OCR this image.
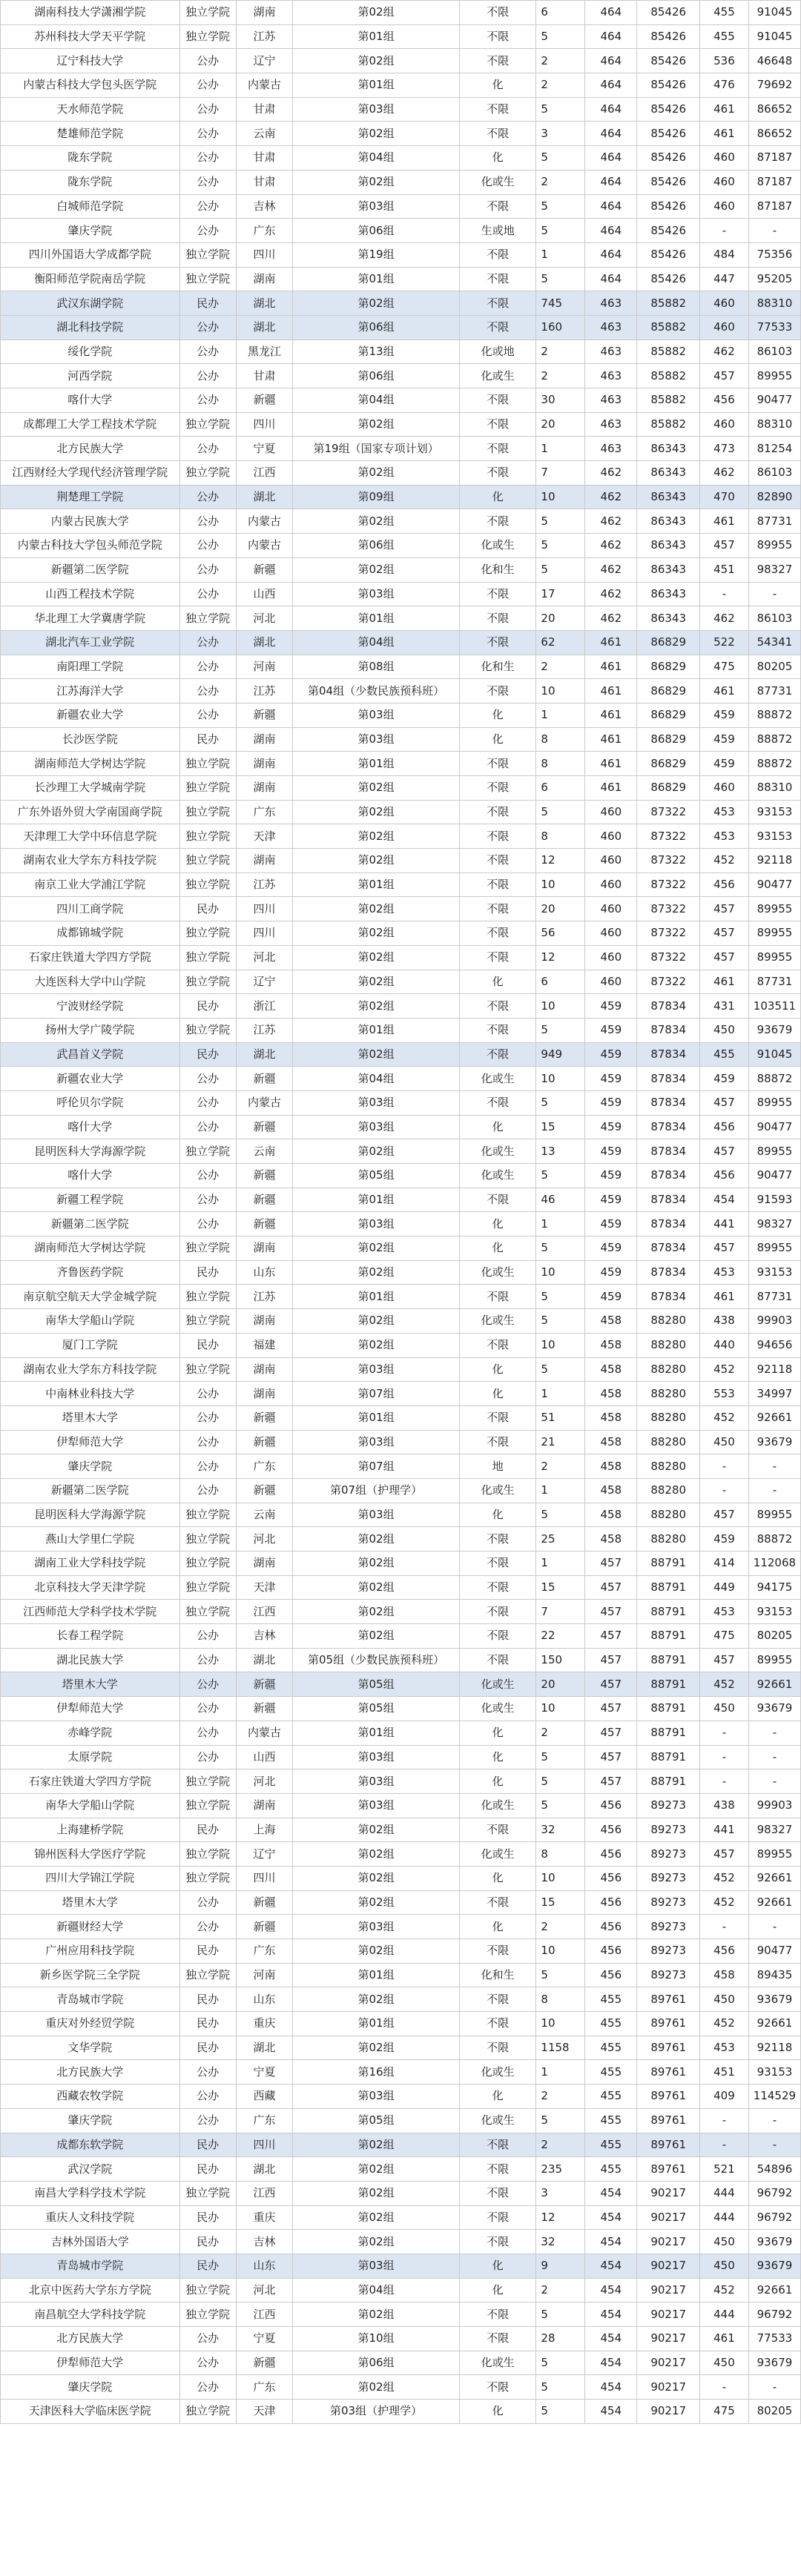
湖南科技大学潇湘学院	独立学院	湖南	第02组	不限	6	464	85426	455	91045
苏州科技大学天平学院	独立学院	江苏	第01组	不限	5	464	85426	455	91045
辽宁科技大学	公办	辽宁	第02组	不限	2	464	85426	536	46648
内蒙古科技大学包头医学院	公办	内蒙古	第01组	化	2	464	85426	476	79692
天水师范学院	公办	甘肃	第03组	不限	5	464	85426	461	86652
楚雄师范学院	公办	云南	第02组	不限	3	464	85426	461	86652
陇东学院	公办	甘肃	第04组	化	5	464	85426	460	87187
陇东学院	公办	甘肃	第02组	化或生	2	464	85426	460	87187
白城师范学院	公办	吉林	第03组	不限	5	464	85426	460	87187
肇庆学院	公办	广东	第06组	生或地	5	464	85426	-	-
四川外国语大学成都学院	独立学院	四川	第19组	不限	1	464	85426	484	75356
衡阳师范学院南岳学院	独立学院	湖南	第01组	不限	5	464	85426	447	95205
武汉东湖学院	民办	湖北	第02组	不限	745	463	85882	460	88310
湖北科技学院	公办	湖北	第06组	不限	160	463	85882	460	77533
绥化学院	公办	黑龙江	第13组	化或地	2	463	85882	462	86103
河西学院	公办	甘肃	第06组	化或生	2	463	85882	457	89955
喀什大学	公办	新疆	第04组	不限	30	463	85882	456	90477
成都理工大学工程技术学院	独立学院	四川	第02组	不限	20	463	85882	460	88310
北方民族大学	公办	宁夏	第19组（国家专项计划）	不限	1	463	86343	473	81254
江西财经大学现代经济管理学院	独立学院	江西	第02组	不限	7	462	86343	462	86103
荆楚理工学院	公办	湖北	第09组	化	10	462	86343	470	82890
内蒙古民族大学	公办	内蒙古	第02组	不限	5	462	86343	461	87731
内蒙古科技大学包头师范学院	公办	内蒙古	第06组	化或生	5	462	86343	457	89955
新疆第二医学院	公办	新疆	第02组	化和生	5	462	86343	451	98327
山西工程技术学院	公办	山西	第03组	不限	17	462	86343	-	-
华北理工大学冀唐学院	独立学院	河北	第01组	不限	20	462	86343	462	86103
湖北汽车工业学院	公办	湖北	第04组	不限	62	461	86829	522	54341
南阳理工学院	公办	河南	第08组	化和生	2	461	86829	475	80205
江苏海洋大学	公办	江苏	第04组（少数民族预科班）	不限	10	461	86829	461	87731
新疆农业大学	公办	新疆	第03组	化	1	461	86829	459	88872
长沙医学院	民办	湖南	第03组	化	8	461	86829	459	88872
湖南师范大学树达学院	独立学院	湖南	第01组	不限	8	461	86829	459	88872
长沙理工大学城南学院	独立学院	湖南	第02组	不限	6	461	86829	460	88310
广东外语外贸大学南国商学院	独立学院	广东	第02组	不限	5	460	87322	453	93153
天津理工大学中环信息学院	独立学院	天津	第02组	不限	8	460	87322	453	93153
湖南农业大学东方科技学院	独立学院	湖南	第02组	不限	12	460	87322	452	92118
南京工业大学浦江学院	独立学院	江苏	第01组	不限	10	460	87322	456	90477
四川工商学院	民办	四川	第02组	不限	20	460	87322	457	89955
成都锦城学院	独立学院	四川	第02组	不限	56	460	87322	457	89955
石家庄铁道大学四方学院	独立学院	河北	第02组	不限	12	460	87322	457	89955
大连医科大学中山学院	独立学院	辽宁	第02组	化	6	460	87322	461	87731
宁波财经学院	民办	浙江	第02组	不限	10	459	87834	431	103511
扬州大学广陵学院	独立学院	江苏	第01组	不限	5	459	87834	450	93679
武昌首义学院	民办	湖北	第02组	不限	949	459	87834	455	91045
新疆农业大学	公办	新疆	第04组	化或生	10	459	87834	459	88872
呼伦贝尔学院	公办	内蒙古	第03组	不限	5	459	87834	457	89955
喀什大学	公办	新疆	第03组	化	15	459	87834	456	90477
昆明医科大学海源学院	独立学院	云南	第02组	化或生	13	459	87834	457	89955
喀什大学	公办	新疆	第05组	化或生	5	459	87834	456	90477
新疆工程学院	公办	新疆	第01组	不限	46	459	87834	454	91593
新疆第二医学院	公办	新疆	第03组	化	1	459	87834	441	98327
湖南师范大学树达学院	独立学院	湖南	第02组	化	5	459	87834	457	89955
齐鲁医药学院	民办	山东	第02组	化或生	10	459	87834	453	93153
南京航空航天大学金城学院	独立学院	江苏	第01组	不限	5	459	87834	461	87731
南华大学船山学院	独立学院	湖南	第02组	化或生	5	458	88280	438	99903
厦门工学院	民办	福建	第02组	不限	10	458	88280	440	94656
湖南农业大学东方科技学院	独立学院	湖南	第03组	化	5	458	88280	452	92118
中南林业科技大学	公办	湖南	第07组	化	1	458	88280	553	34997
塔里木大学	公办	新疆	第01组	不限	51	458	88280	452	92661
伊犁师范大学	公办	新疆	第03组	不限	21	458	88280	450	93679
肇庆学院	公办	广东	第07组	地	2	458	88280	-	-
新疆第二医学院	公办	新疆	第07组（护理学）	化或生	1	458	88280	-	-
昆明医科大学海源学院	独立学院	云南	第03组	化	5	458	88280	457	89955
燕山大学里仁学院	独立学院	河北	第02组	不限	25	458	88280	459	88872
湖南工业大学科技学院	独立学院	湖南	第02组	不限	1	457	88791	414	112068
北京科技大学天津学院	独立学院	天津	第02组	不限	15	457	88791	449	94175
江西师范大学科学技术学院	独立学院	江西	第02组	不限	7	457	88791	453	93153
长春工程学院	公办	吉林	第02组	不限	22	457	88791	475	80205
湖北民族大学	公办	湖北	第05组（少数民族预科班）	不限	150	457	88791	457	89955
塔里木大学	公办	新疆	第05组	化或生	20	457	88791	452	92661
伊犁师范大学	公办	新疆	第05组	化或生	10	457	88791	450	93679
赤峰学院	公办	内蒙古	第01组	化	2	457	88791	-	-
太原学院	公办	山西	第03组	化	5	457	88791	-	-
石家庄铁道大学四方学院	独立学院	河北	第03组	化	5	457	88791	-	-
南华大学船山学院	独立学院	湖南	第03组	化或生	5	456	89273	438	99903
上海建桥学院	民办	上海	第02组	不限	32	456	89273	441	98327
锦州医科大学医疗学院	独立学院	辽宁	第02组	化或生	8	456	89273	457	89955
四川大学锦江学院	独立学院	四川	第02组	化	10	456	89273	452	92661
塔里木大学	公办	新疆	第02组	不限	15	456	89273	452	92661
新疆财经大学	公办	新疆	第03组	化	2	456	89273	-	-
广州应用科技学院	民办	广东	第02组	不限	10	456	89273	456	90477
新乡医学院三全学院	独立学院	河南	第01组	化和生	5	456	89273	458	89435
青岛城市学院	民办	山东	第02组	不限	8	455	89761	450	93679
重庆对外经贸学院	民办	重庆	第01组	不限	10	455	89761	452	92661
文华学院	民办	湖北	第02组	不限	1158	455	89761	453	92118
北方民族大学	公办	宁夏	第16组	化或生	1	455	89761	451	93153
西藏农牧学院	公办	西藏	第03组	化	2	455	89761	409	114529
肇庆学院	公办	广东	第05组	化或生	5	455	89761	-	-
成都东软学院	民办	四川	第02组	不限	2	455	89761	-	-
武汉学院	民办	湖北	第02组	不限	235	455	89761	521	54896
南昌大学科学技术学院	独立学院	江西	第02组	不限	3	454	90217	444	96792
重庆人文科技学院	民办	重庆	第02组	不限	12	454	90217	444	96792
吉林外国语大学	民办	吉林	第02组	不限	32	454	90217	450	93679
青岛城市学院	民办	山东	第03组	化	9	454	90217	450	93679
北京中医药大学东方学院	独立学院	河北	第04组	化	2	454	90217	452	92661
南昌航空大学科技学院	独立学院	江西	第02组	不限	5	454	90217	444	96792
北方民族大学	公办	宁夏	第10组	不限	28	454	90217	461	77533
伊犁师范大学	公办	新疆	第06组	化或生	5	454	90217	450	93679
肇庆学院	公办	广东	第02组	不限	5	454	90217	-	-
天津医科大学临床医学院	独立学院	天津	第03组（护理学）	化	5	454	90217	475	80205
